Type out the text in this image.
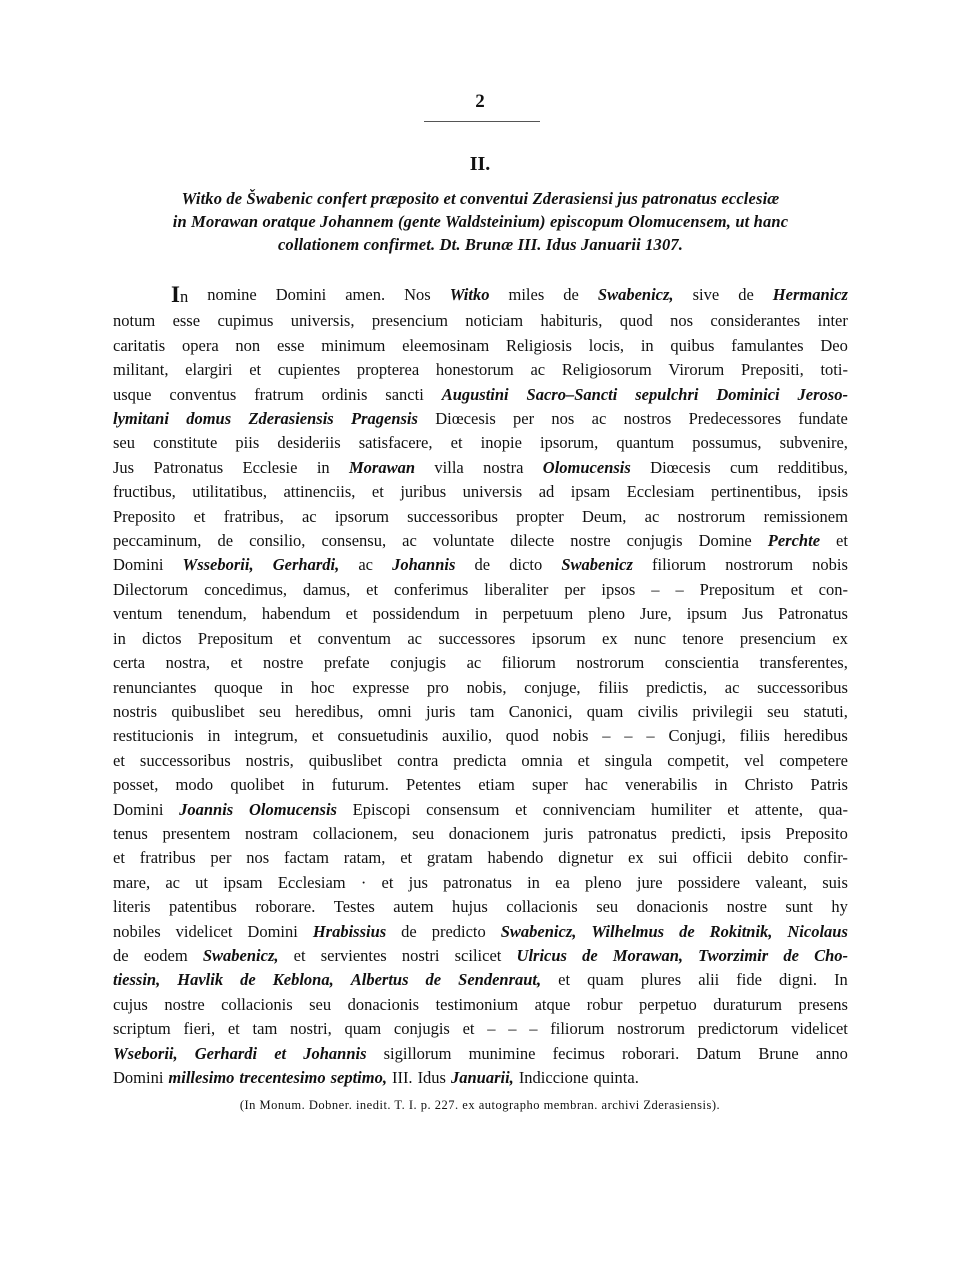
2
II.
Witko de Šwabenic confert præposito et conventui Zderasiensi jus patronatus ecclesiæ
in Morawan oratque Johannem (gente Waldsteinium) episcopum Olomucensem, ut hanc
collationem confirmet. Dt. Brunæ III. Idus Januarii 1307.
In nomine Domini amen. Nos Witko miles de Swabenicz, sive de Hermanicz
notum esse cupimus universis, presencium noticiam habituris, quod nos considerantes inter
caritatis opera non esse minimum eleemosinam Religiosis locis, in quibus famulantes Deo
militant, elargiri et cupientes propterea honestorum ac Religiosorum Virorum Prepositi, toti-
usque conventus fratrum ordinis sancti Augustini Sacro–Sancti sepulchri Dominici Jeroso-
lymitani domus Zderasiensis Pragensis Diœcesis per nos ac nostros Predecessores fundate
seu constitute piis desideriis satisfacere, et inopie ipsorum, quantum possumus, subvenire,
Jus Patronatus Ecclesie in Morawan villa nostra Olomucensis Diœcesis cum redditibus,
fructibus, utilitatibus, attinenciis, et juribus universis ad ipsam Ecclesiam pertinentibus, ipsis
Preposito et fratribus, ac ipsorum successoribus propter Deum, ac nostrorum remissionem
peccaminum, de consilio, consensu, ac voluntate dilecte nostre conjugis Domine Perchte et
Domini Wsseborii, Gerhardi, ac Johannis de dicto Swabenicz filiorum nostrorum nobis
Dilectorum concedimus, damus, et conferimus liberaliter per ipsos – – Prepositum et con-
ventum tenendum, habendum et possidendum in perpetuum pleno Jure, ipsum Jus Patronatus
in dictos Prepositum et conventum ac successores ipsorum ex nunc tenore presencium ex
certa nostra, et nostre prefate conjugis ac filiorum nostrorum conscientia transferentes,
renunciantes quoque in hoc expresse pro nobis, conjuge, filiis predictis, ac successoribus
nostris quibuslibet seu heredibus, omni juris tam Canonici, quam civilis privilegii seu statuti,
restitucionis in integrum, et consuetudinis auxilio, quod nobis – – – Conjugi, filiis heredibus
et successoribus nostris, quibuslibet contra predicta omnia et singula competit, vel competere
posset, modo quolibet in futurum. Petentes etiam super hac venerabilis in Christo Patris
Domini Joannis Olomucensis Episcopi consensum et connivenciam humiliter et attente, qua-
tenus presentem nostram collacionem, seu donacionem juris patronatus predicti, ipsis Preposito
et fratribus per nos factam ratam, et gratam habendo dignetur ex sui officii debito confir-
mare, ac ut ipsam Ecclesiam · et jus patronatus in ea pleno jure possidere valeant, suis
literis patentibus roborare. Testes autem hujus collacionis seu donacionis nostre sunt hy
nobiles videlicet Domini Hrabissius de predicto Swabenicz, Wilhelmus de Rokitnik, Nicolaus
de eodem Swabenicz, et servientes nostri scilicet Ulricus de Morawan, Tworzimir de Cho-
tiessin, Havlik de Keblona, Albertus de Sendenraut, et quam plures alii fide digni. In
cujus nostre collacionis seu donacionis testimonium atque robur perpetuo duraturum presens
scriptum fieri, et tam nostri, quam conjugis et – – – filiorum nostrorum predictorum videlicet
Wseborii, Gerhardi et Johannis sigillorum munimine fecimus roborari. Datum Brune anno
Domini millesimo trecentesimo septimo, III. Idus Januarii, Indiccione quinta.
(In Monum. Dobner. inedit. T. I. p. 227. ex autographo membran. archivi Zderasiensis).
